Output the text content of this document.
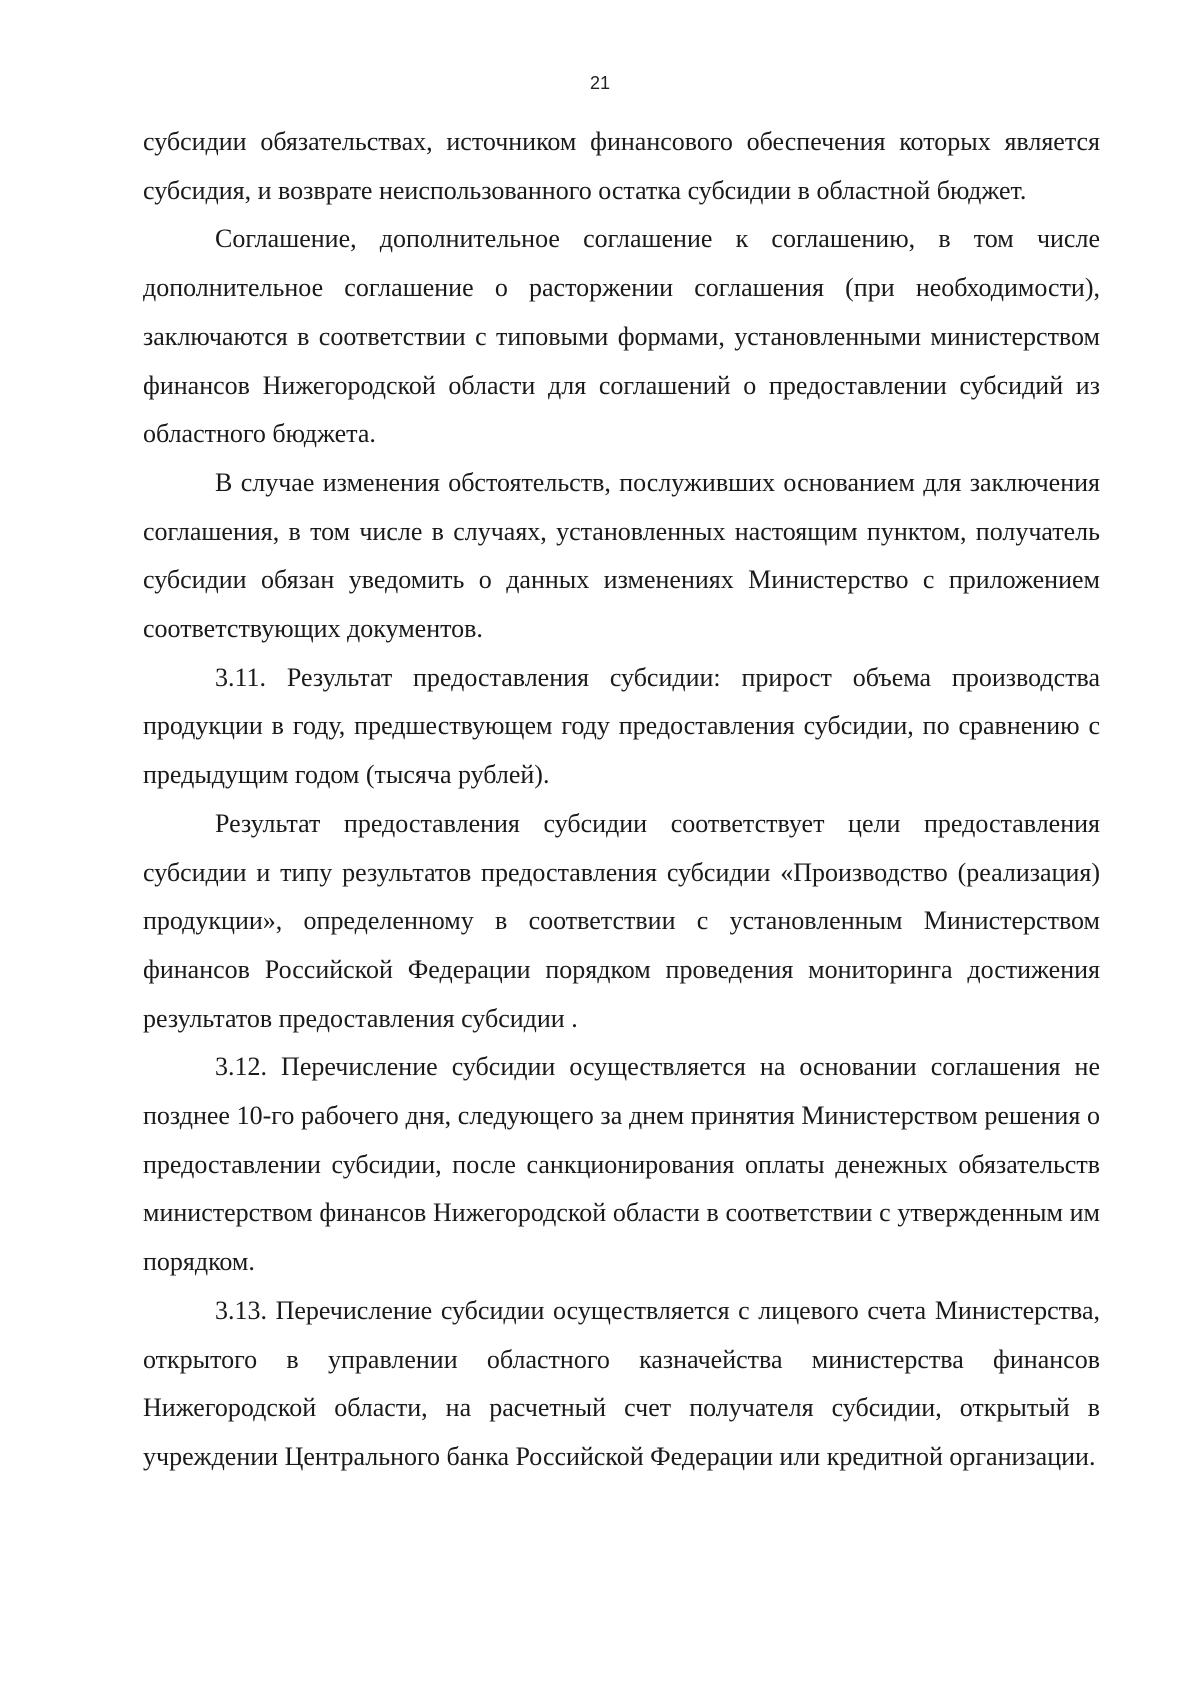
21

субсидии обязательствах, источником финансового обеспечения которых является субсидия, и возврате неиспользованного остатка субсидии в областной бюджет.

Соглашение, дополнительное соглашение к соглашению, в том числе дополнительное соглашение о расторжении соглашения (при необходимости), заключаются в соответствии с типовыми формами, установленными министерством финансов Нижегородской области для соглашений о предоставлении субсидий из областного бюджета.

В случае изменения обстоятельств, послуживших основанием для заключения соглашения, в том числе в случаях, установленных настоящим пунктом, получатель субсидии обязан уведомить о данных изменениях Министерство с приложением соответствующих документов.

3.11. Результат предоставления субсидии: прирост объема производства продукции в году, предшествующем году предоставления субсидии, по сравнению с предыдущим годом (тысяча рублей).

Результат предоставления субсидии соответствует цели предоставления субсидии и типу результатов предоставления субсидии «Производство (реализация) продукции», определенному в соответствии с установленным Министерством финансов Российской Федерации порядком проведения мониторинга достижения результатов предоставления субсидии .

3.12. Перечисление субсидии осуществляется на основании соглашения не позднее 10-го рабочего дня, следующего за днем принятия Министерством решения о предоставлении субсидии, после санкционирования оплаты денежных обязательств министерством финансов Нижегородской области в соответствии с утвержденным им порядком.

3.13. Перечисление субсидии осуществляется с лицевого счета Министерства, открытого в управлении областного казначейства министерства финансов Нижегородской области, на расчетный счет получателя субсидии, открытый в учреждении Центрального банка Российской Федерации или кредитной организации.
